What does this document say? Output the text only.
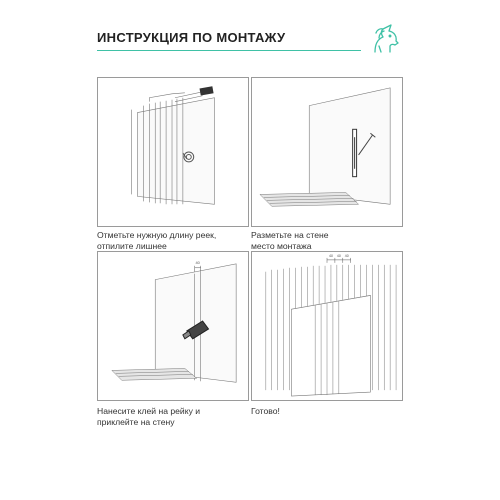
ИНСТРУКЦИЯ ПО МОНТАЖУ
Отметьте нужную длину реек,
отпилите лишнее
Разметьте на стене
место монтажа
40
Нанесите клей на рейку и
приклейте на стену
40 40 40
Готово!
